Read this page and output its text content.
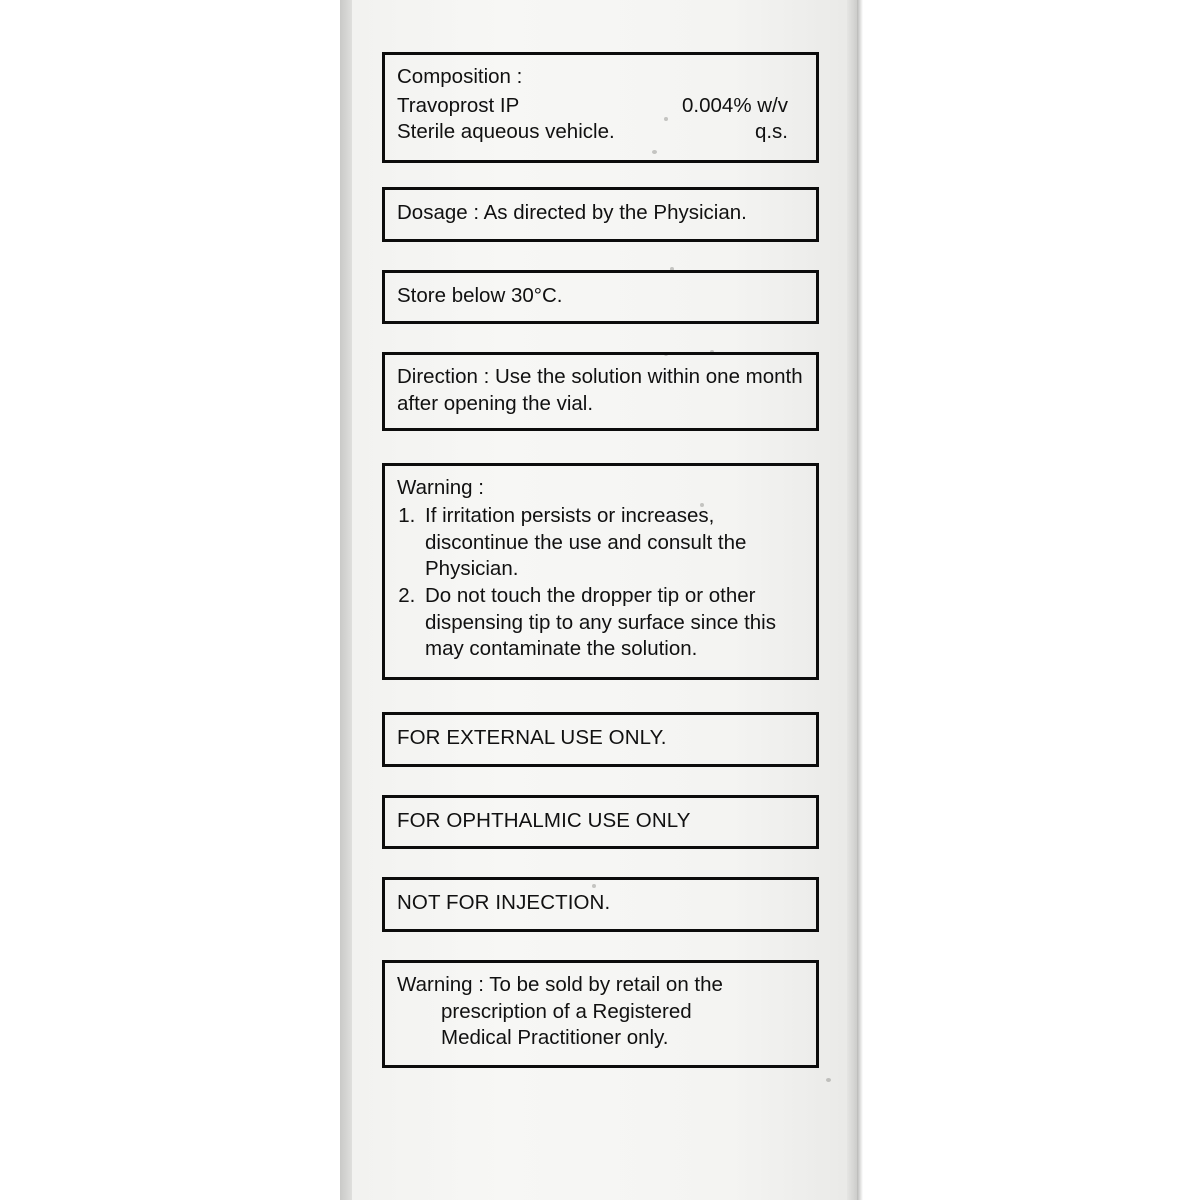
Composition :
Travoprost IP	0.004% w/v
Sterile aqueous vehicle.	q.s.
Dosage : As directed by the Physician.
Store below 30°C.
Direction : Use the solution within one month after opening the vial.
Warning :
1. If irritation persists or increases, discontinue the use and consult the Physician.
2. Do not touch the dropper tip or other dispensing tip to any surface since this may contaminate the solution.
FOR EXTERNAL USE ONLY.
FOR OPHTHALMIC USE ONLY
NOT FOR INJECTION.
Warning : To be sold by retail on the
prescription of a Registered
Medical Practitioner only.
